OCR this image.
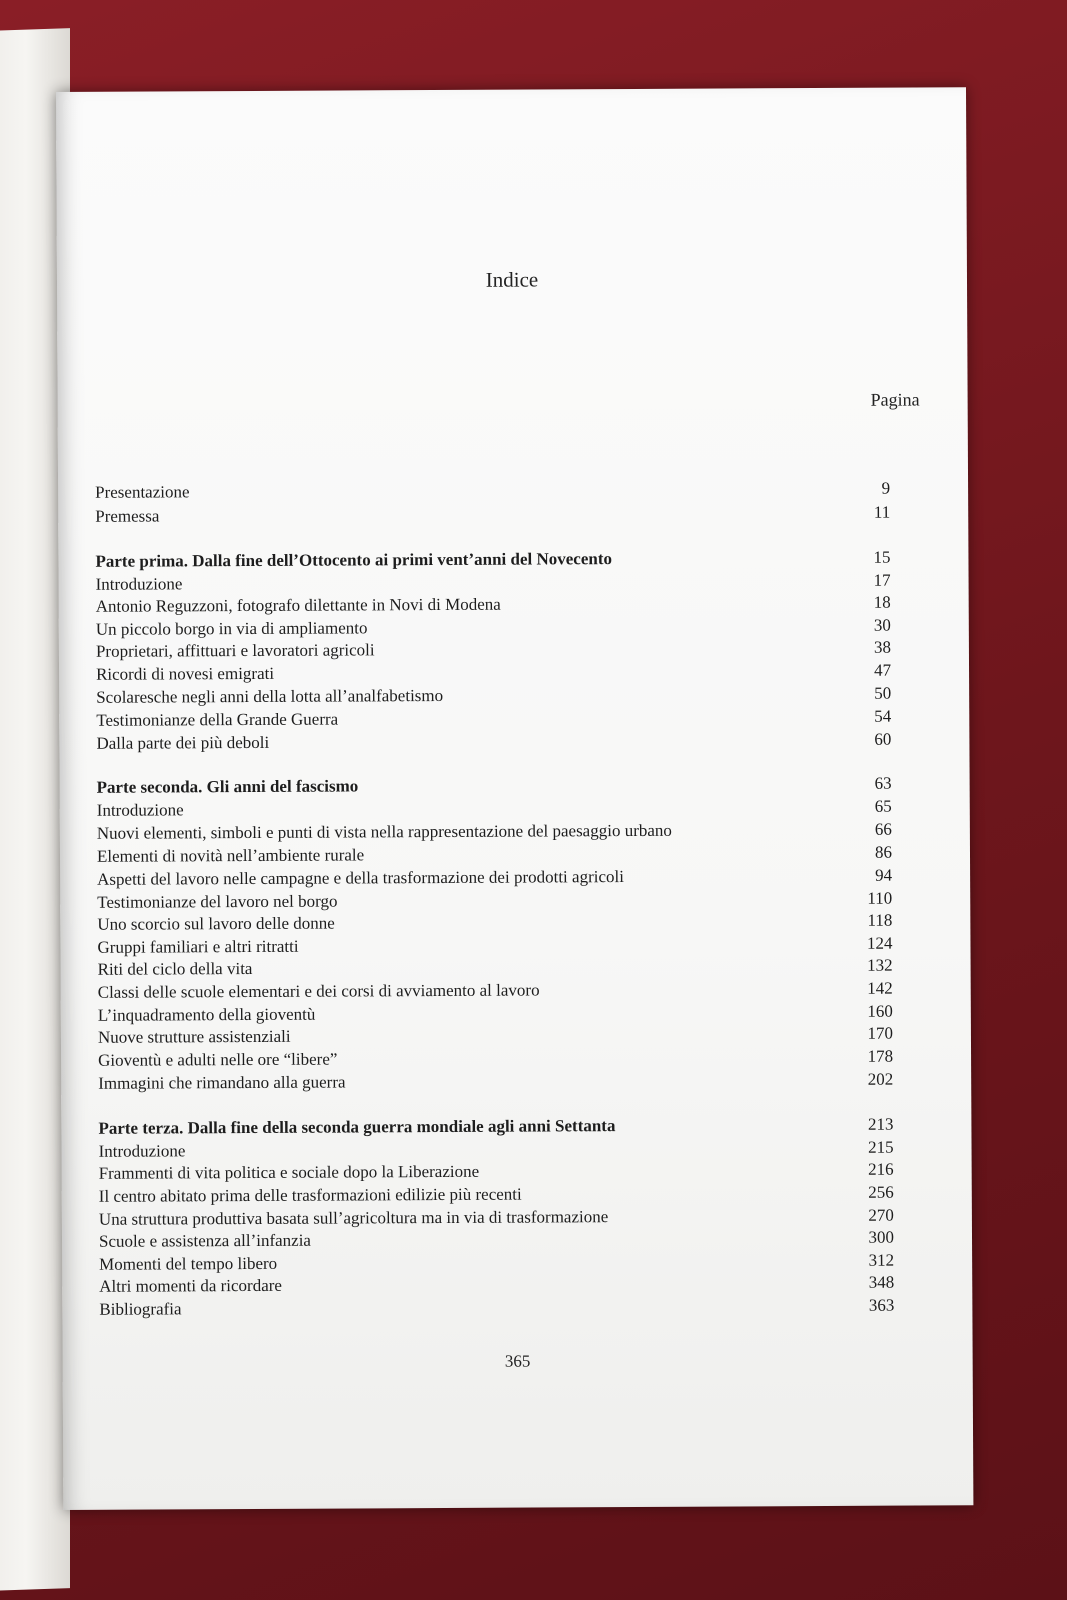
Indice
Pagina
Presentazione	9
Premessa	11
Parte prima. Dalla fine dell’Ottocento ai primi vent’anni del Novecento	15
Introduzione	17
Antonio Reguzzoni, fotografo dilettante in Novi di Modena	18
Un piccolo borgo in via di ampliamento	30
Proprietari, affittuari e lavoratori agricoli	38
Ricordi di novesi emigrati	47
Scolaresche negli anni della lotta all’analfabetismo	50
Testimonianze della Grande Guerra	54
Dalla parte dei più deboli	60
Parte seconda. Gli anni del fascismo	63
Introduzione	65
Nuovi elementi, simboli e punti di vista nella rappresentazione del paesaggio urbano	66
Elementi di novità nell’ambiente rurale	86
Aspetti del lavoro nelle campagne e della trasformazione dei prodotti agricoli	94
Testimonianze del lavoro nel borgo	110
Uno scorcio sul lavoro delle donne	118
Gruppi familiari e altri ritratti	124
Riti del ciclo della vita	132
Classi delle scuole elementari e dei corsi di avviamento al lavoro	142
L’inquadramento della gioventù	160
Nuove strutture assistenziali	170
Gioventù e adulti nelle ore “libere”	178
Immagini che rimandano alla guerra	202
Parte terza. Dalla fine della seconda guerra mondiale agli anni Settanta	213
Introduzione	215
Frammenti di vita politica e sociale dopo la Liberazione	216
Il centro abitato prima delle trasformazioni edilizie più recenti	256
Una struttura produttiva basata sull’agricoltura ma in via di trasformazione	270
Scuole e assistenza all’infanzia	300
Momenti del tempo libero	312
Altri momenti da ricordare	348
Bibliografia	363
365
